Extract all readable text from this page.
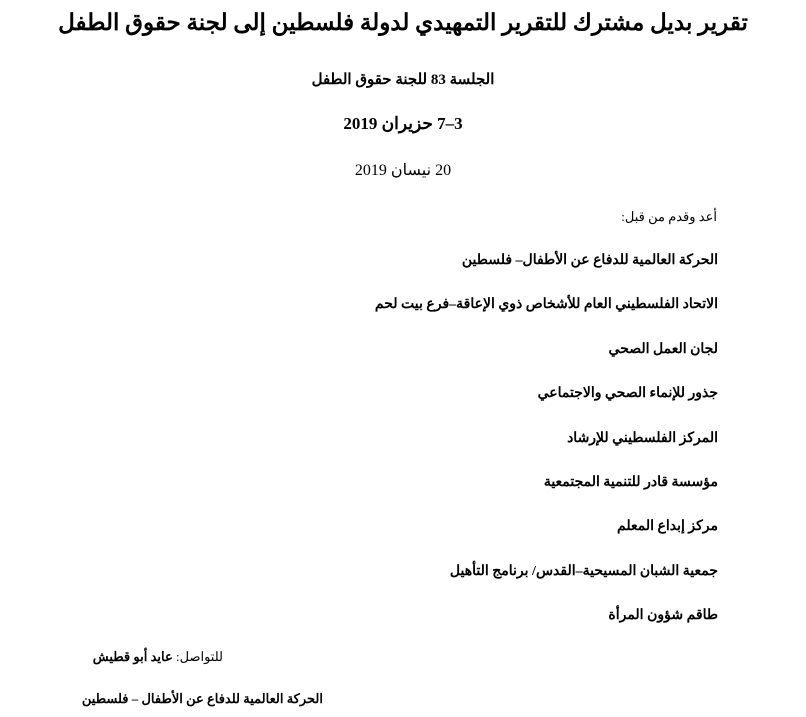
تقرير بديل مشترك للتقرير التمهيدي لدولة فلسطين إلى لجنة حقوق الطفل
الجلسة 83 للجنة حقوق الطفل
3–7 حزيران 2019
20 نيسان 2019
أعد وقدم من قبل:
الحركة العالمية للدفاع عن الأطفال– فلسطين
الاتحاد الفلسطيني العام للأشخاص ذوي الإعاقة–فرع بيت لحم
لجان العمل الصحي
جذور للإنماء الصحي والاجتماعي
المركز الفلسطيني للإرشاد
مؤسسة قادر للتنمية المجتمعية
مركز إبداع المعلم
جمعية الشبان المسيحية–القدس/ برنامج التأهيل
طاقم شؤون المرأة
للتواصل: عايد أبو قطيش
الحركة العالمية للدفاع عن الأطفال – فلسطين
